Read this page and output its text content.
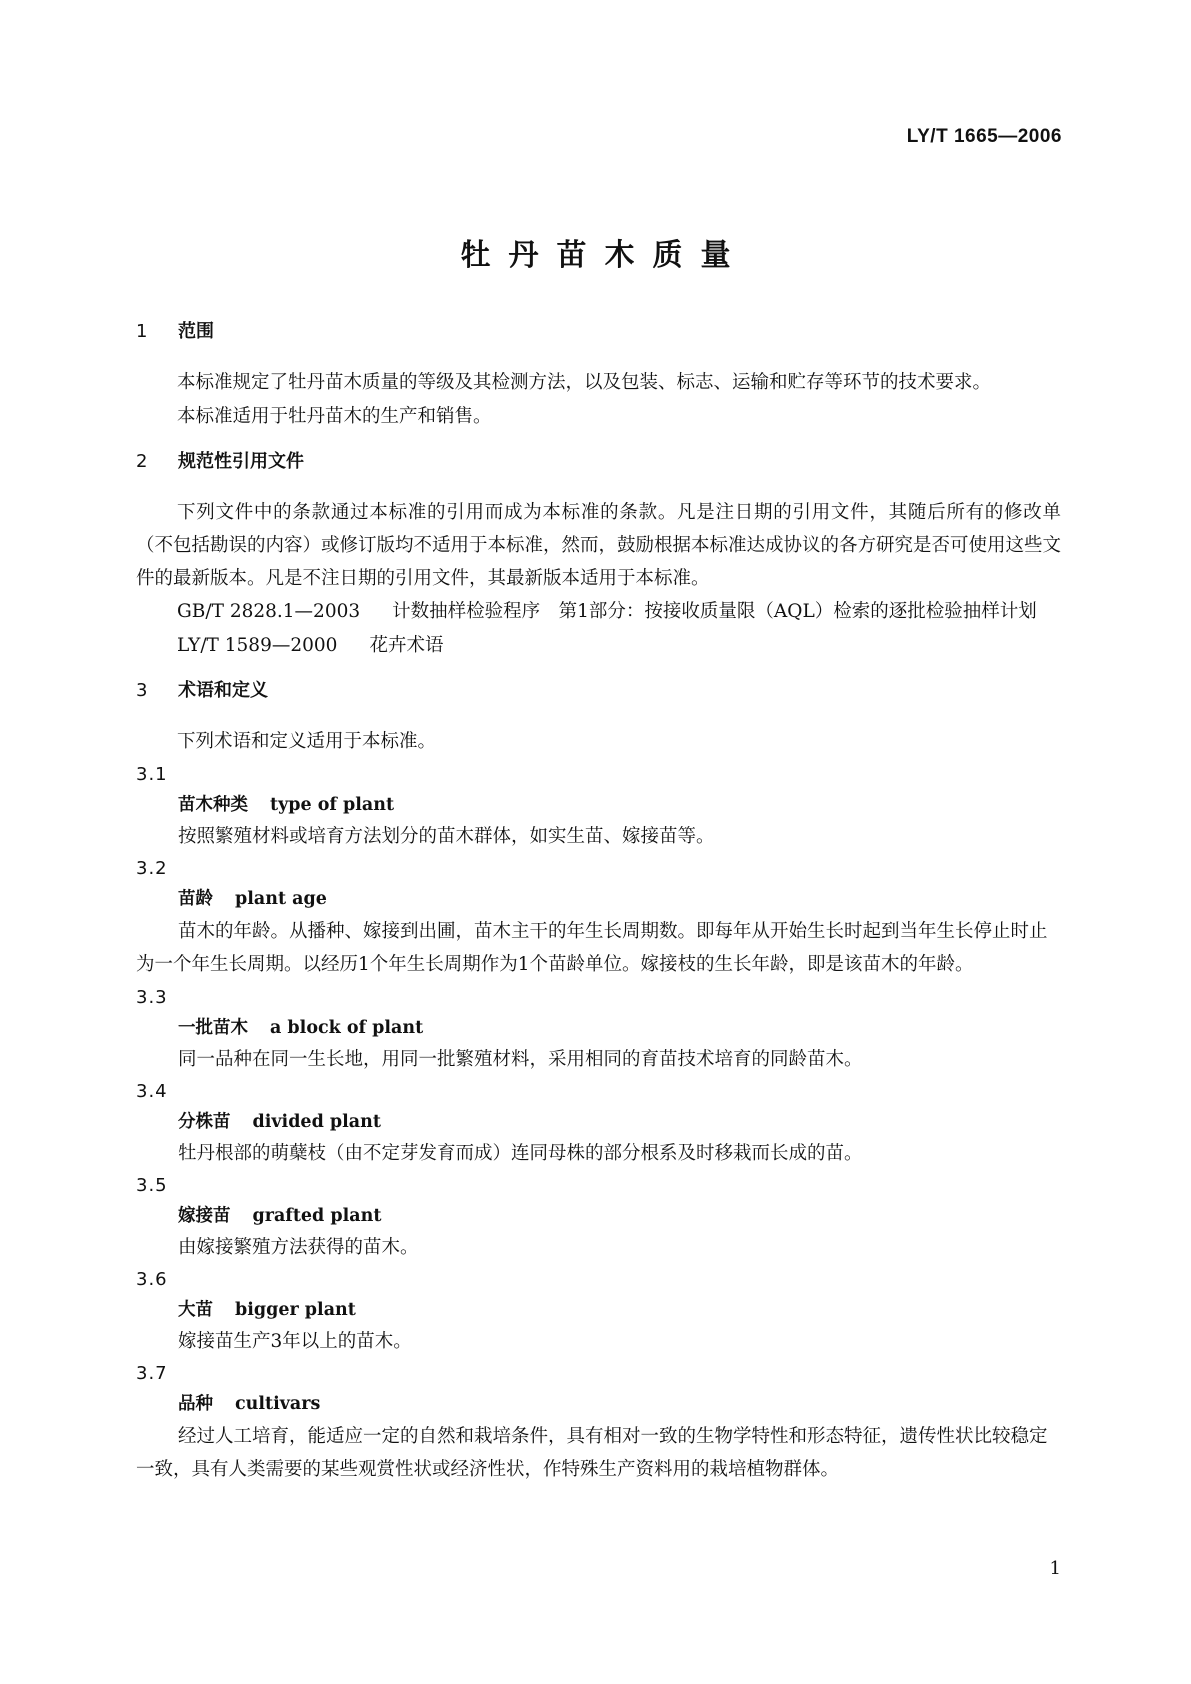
LY/T 1665—2006
牡丹苗木质量
1 范围

本标准规定了牡丹苗木质量的等级及其检测方法，以及包装、标志、运输和贮存等环节的技术要求。

本标准适用于牡丹苗木的生产和销售。

2 规范性引用文件

下列文件中的条款通过本标准的引用而成为本标准的条款。凡是注日期的引用文件，其随后所有的修改单（不包括勘误的内容）或修订版均不适用于本标准，然而，鼓励根据本标准达成协议的各方研究是否可使用这些文件的最新版本。凡是不注日期的引用文件，其最新版本适用于本标准。

GB/T 2828.1—2003 计数抽样检验程序　第1部分：按接收质量限（AQL）检索的逐批检验抽样计划
LY/T 1589—2000 花卉术语
3 术语和定义

下列术语和定义适用于本标准。

3.1
苗木种类 type of plant
按照繁殖材料或培育方法划分的苗木群体，如实生苗、嫁接苗等。
3.2
苗龄 plant age
苗木的年龄。从播种、嫁接到出圃，苗木主干的年生长周期数。即每年从开始生长时起到当年生长停止时止为一个年生长周期。以经历1个年生长周期作为1个苗龄单位。嫁接枝的生长年龄，即是该苗木的年龄。
3.3
一批苗木 a block of plant
同一品种在同一生长地，用同一批繁殖材料，采用相同的育苗技术培育的同龄苗木。
3.4
分株苗 divided plant
牡丹根部的萌蘖枝（由不定芽发育而成）连同母株的部分根系及时移栽而长成的苗。
3.5
嫁接苗 grafted plant
由嫁接繁殖方法获得的苗木。
3.6
大苗 bigger plant
嫁接苗生产3年以上的苗木。
3.7
品种 cultivars
经过人工培育，能适应一定的自然和栽培条件，具有相对一致的生物学特性和形态特征，遗传性状比较稳定一致，具有人类需要的某些观赏性状或经济性状，作特殊生产资料用的栽培植物群体。
1
